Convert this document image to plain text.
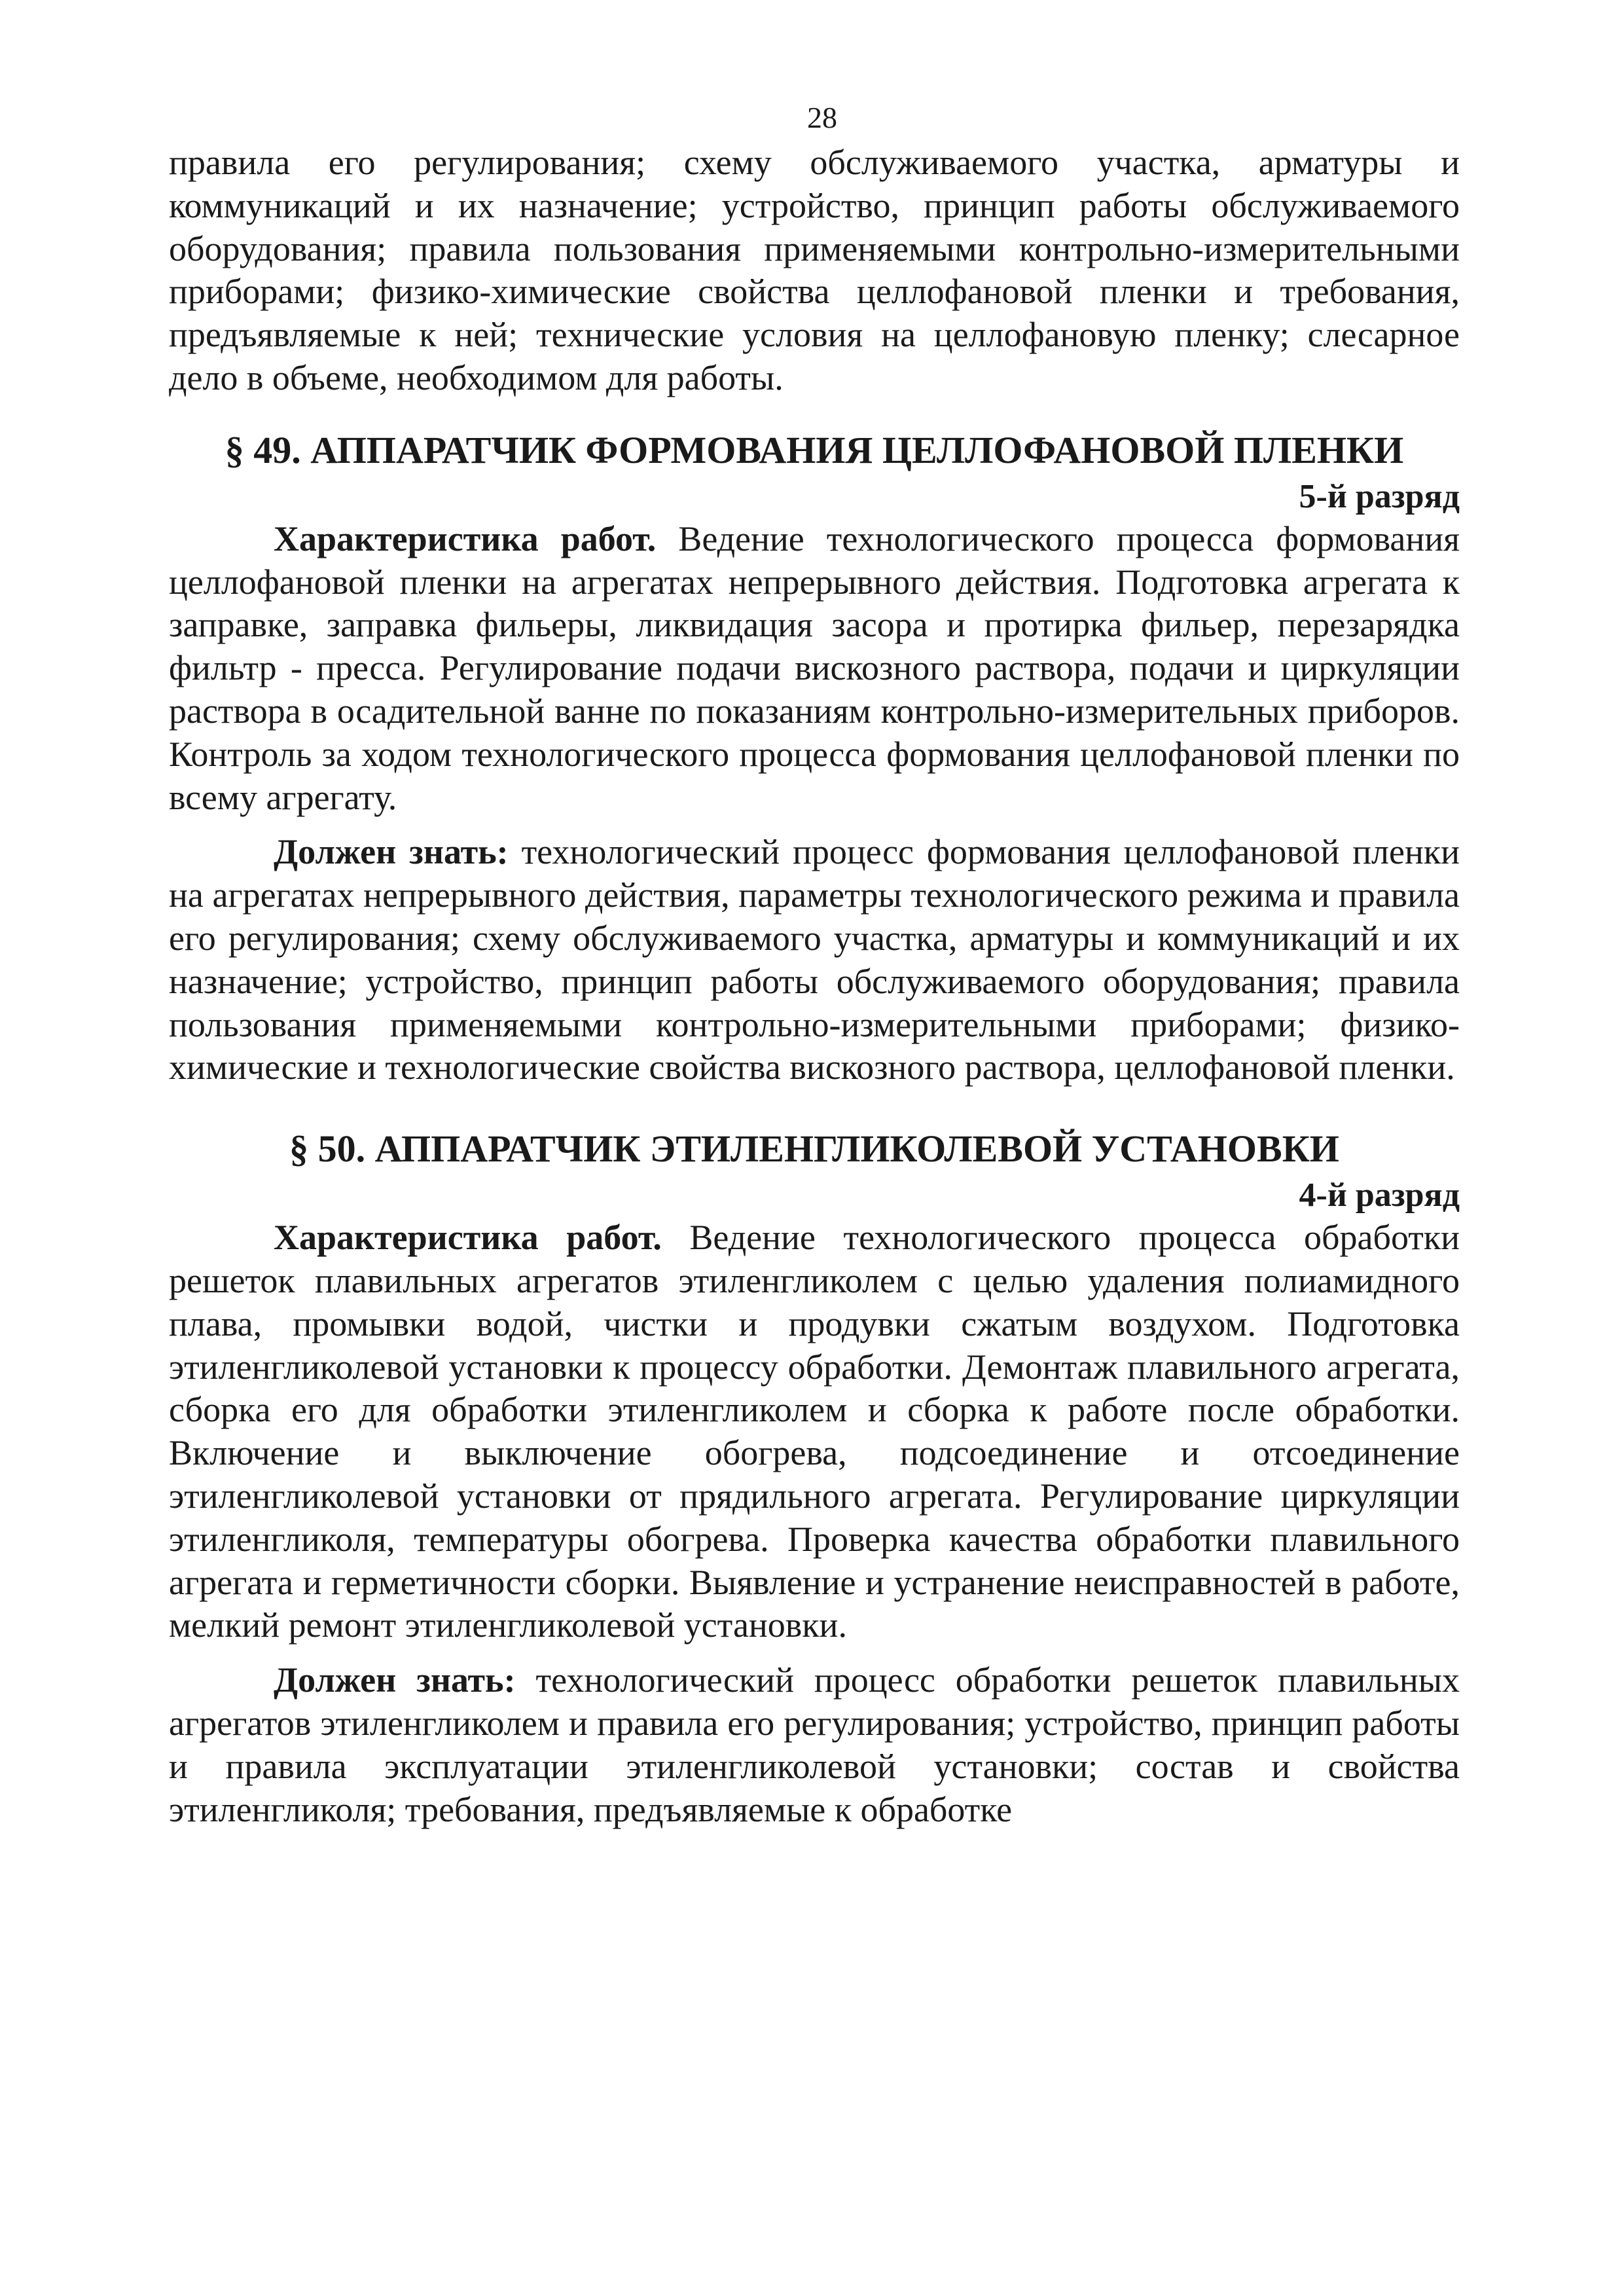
28

правила его регулирования; схему обслуживаемого участка, арматуры и коммуникаций и их назначение; устройство, принцип работы обслуживаемого оборудования; правила пользования применяемыми контрольно-измерительными приборами; физико-химические свойства целлофановой пленки и требования, предъявляемые к ней; технические условия на целлофановую пленку; слесарное дело в объеме, необходимом для работы.

§ 49. АППАРАТЧИК ФОРМОВАНИЯ ЦЕЛЛОФАНОВОЙ ПЛЕНКИ
5-й разряд

Характеристика работ. Ведение технологического процесса формования целлофановой пленки на агрегатах непрерывного действия. Подготовка агрегата к заправке, заправка фильеры, ликвидация засора и протирка фильер, перезарядка фильтр - пресса. Регулирование подачи вискозного раствора, подачи и циркуляции раствора в осадительной ванне по показаниям контрольно-измерительных приборов. Контроль за ходом технологического процесса формования целлофановой пленки по всему агрегату.

Должен знать: технологический процесс формования целлофановой пленки на агрегатах непрерывного действия, параметры технологического режима и правила его регулирования; схему обслуживаемого участка, арматуры и коммуникаций и их назначение; устройство, принцип работы обслуживаемого оборудования; правила пользования применяемыми контрольно-измерительными приборами; физико-химические и технологические свойства вискозного раствора, целлофановой пленки.

§ 50. АППАРАТЧИК ЭТИЛЕНГЛИКОЛЕВОЙ УСТАНОВКИ
4-й разряд

Характеристика работ. Ведение технологического процесса обработки решеток плавильных агрегатов этиленгликолем с целью удаления полиамидного плава, промывки водой, чистки и продувки сжатым воздухом. Подготовка этиленгликолевой установки к процессу обработки. Демонтаж плавильного агрегата, сборка его для обработки этиленгликолем и сборка к работе после обработки. Включение и выключение обогрева, подсоединение и отсоединение этиленгликолевой установки от прядильного агрегата. Регулирование циркуляции этиленгликоля, температуры обогрева. Проверка качества обработки плавильного агрегата и герметичности сборки. Выявление и устранение неисправностей в работе, мелкий ремонт этиленгликолевой установки.

Должен знать: технологический процесс обработки решеток плавильных агрегатов этиленгликолем и правила его регулирования; устройство, принцип работы и правила эксплуатации этиленгликолевой установки; состав и свойства этиленгликоля; требования, предъявляемые к обработке
